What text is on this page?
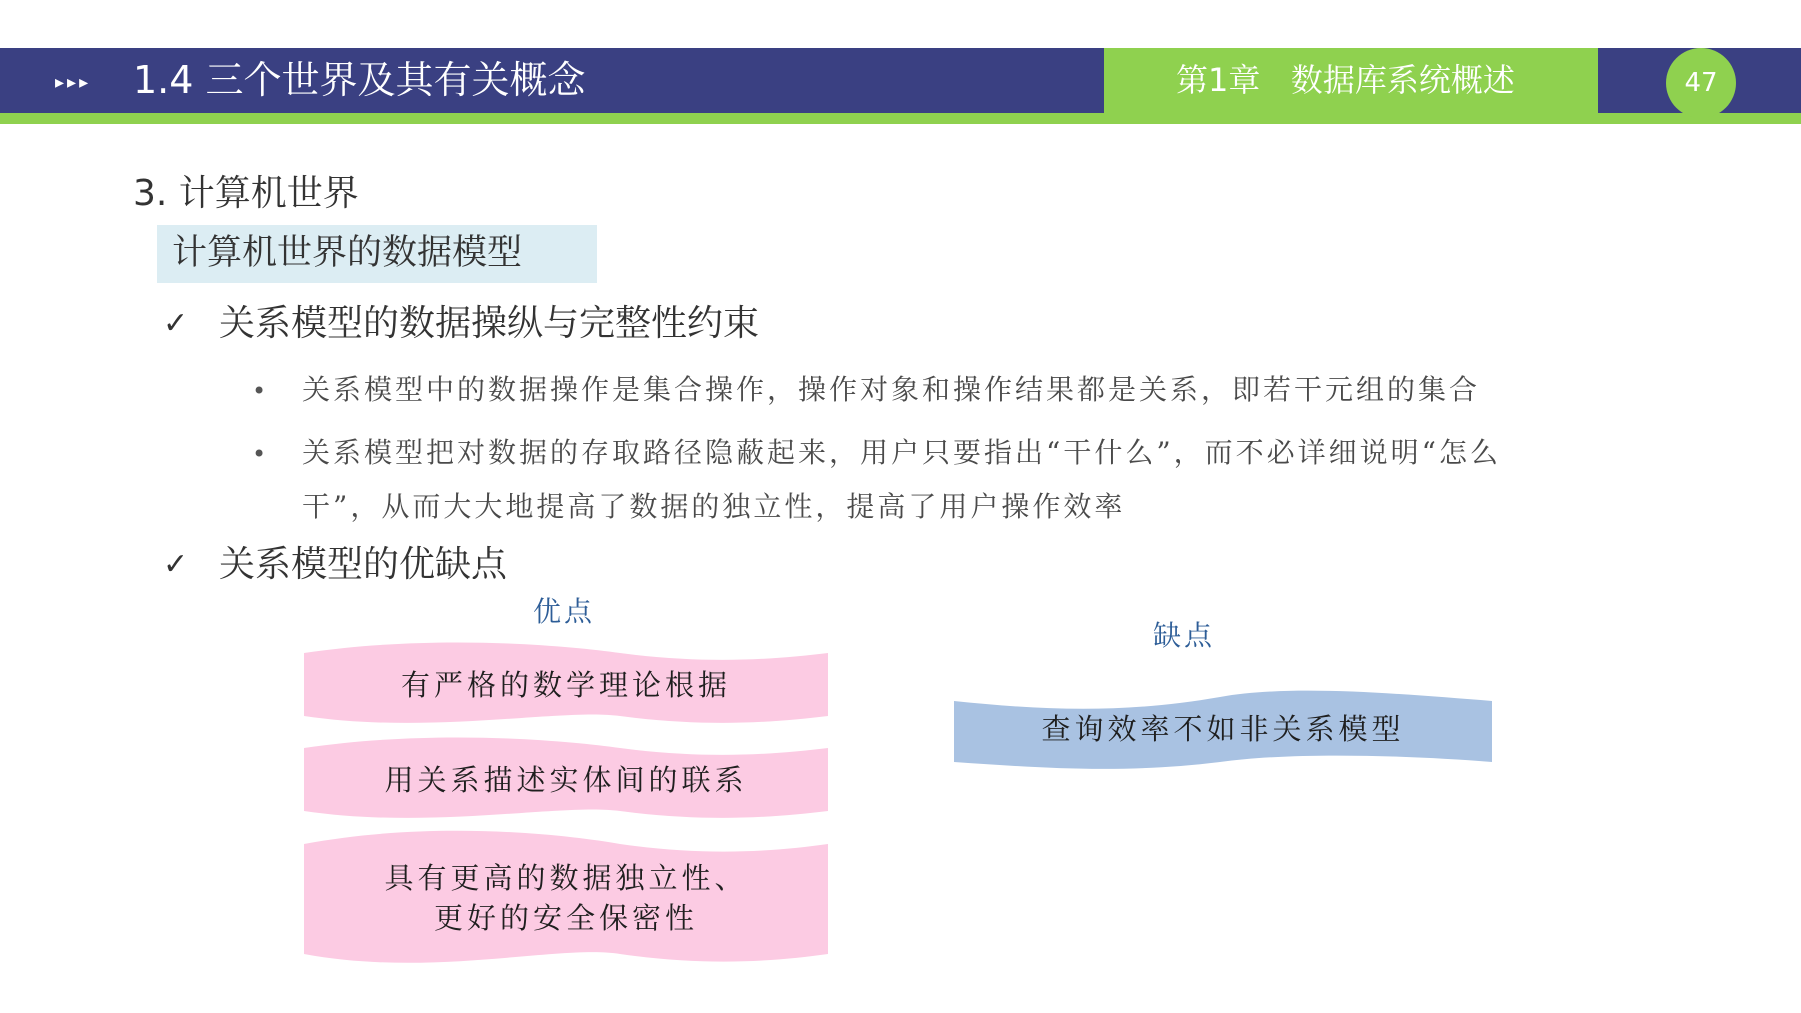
▸▸▸ 1.4 三个世界及其有关概念	第1章   数据库系统概述	47
3. 计算机世界
计算机世界的数据模型
✓ 关系模型的数据操纵与完整性约束
• 关系模型中的数据操作是集合操作，操作对象和操作结果都是关系，即若干元组的集合
• 关系模型把对数据的存取路径隐蔽起来，用户只要指出“干什么”，而不必详细说明“怎么
干”，从而大大地提高了数据的独立性，提高了用户操作效率
✓ 关系模型的优缺点
优点
有严格的数学理论根据
用关系描述实体间的联系
具有更高的数据独立性、
更好的安全保密性
缺点
查询效率不如非关系模型
